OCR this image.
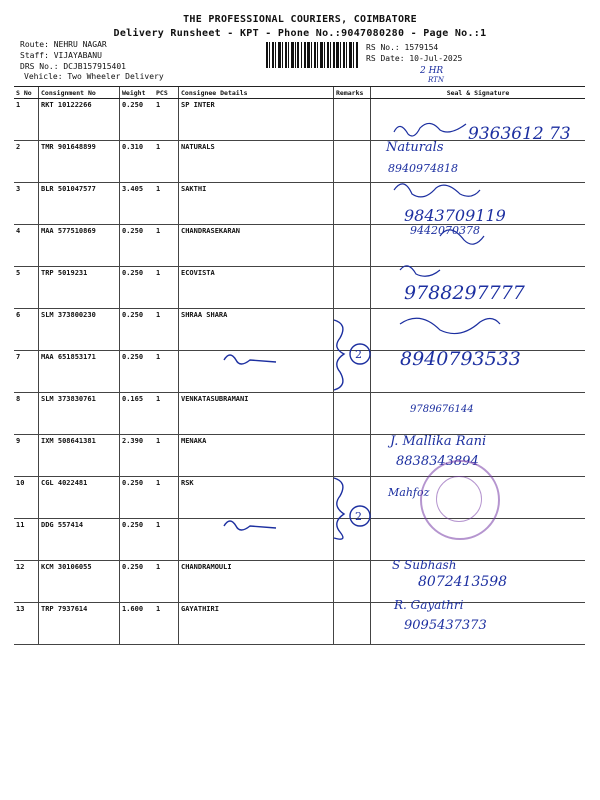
THE PROFESSIONAL COURIERS, COIMBATORE
Delivery Runsheet - KPT - Phone No.:9047080280 - Page No.:1
Route: NEHRU NAGAR
Staff: VIJAYABANU
DRS No.: DCJB157915401
Vehicle: Two Wheeler Delivery
RS No.: 1579154
RS Date: 10-Jul-2025
S No	Consignment No	Weight	PCS	Consignee Details	Remarks	Seal & Signature
1	RKT 10122266	0.250	1	SP INTER		
2	TMR 901648899	0.310	1	NATURALS		
3	BLR 501047577	3.405	1	SAKTHI		
4	MAA 577510869	0.250	1	CHANDRASEKARAN		
5	TRP 5019231	0.250	1	ECOVISTA		
6	SLM 373800230	0.250	1	SHRAA SHARA		
7	MAA 651853171	0.250	1			
8	SLM 373830761	0.165	1	VENKATASUBRAMANI		
9	IXM 508641381	2.390	1	MENAKA		
10	CGL 4022481	0.250	1	RSK		
11	DDG 557414	0.250	1			
12	KCM 30106055	0.250	1	CHANDRAMOULI		
13	TRP 7937614	1.600	1	GAYATHIRI		
2 HR
RTN
9363612 73
Naturals
8940974818
9843709119
9442070378
9788297777
8940793533
9789676144
J. Mallika Rani
8838343894
Mahfoz
S Subhash
8072413598
R. Gayathri
9095437373
2
2
